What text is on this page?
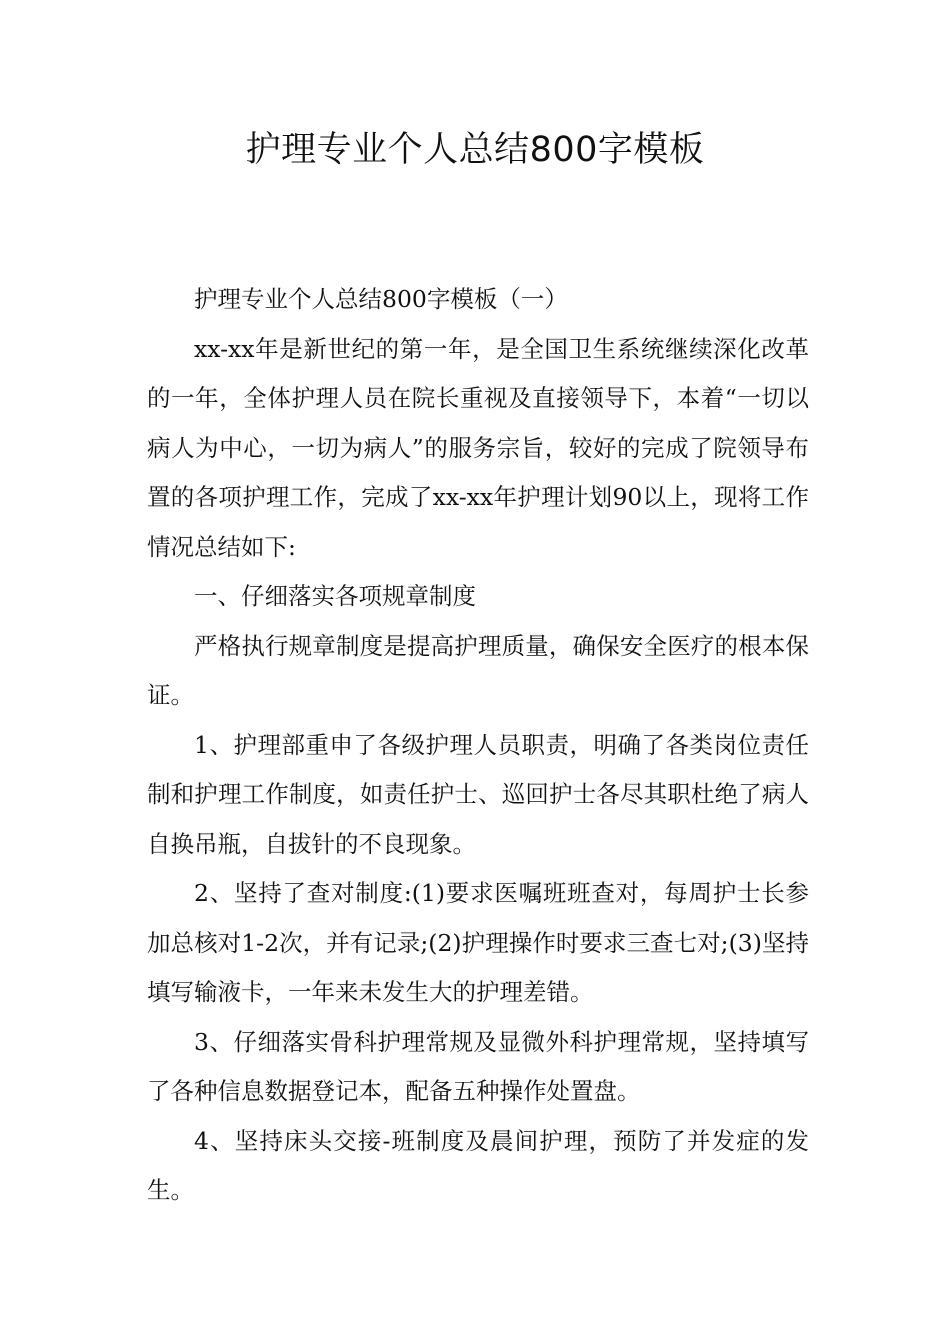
护理专业个人总结800字模板

护理专业个人总结800字模板（一）

xx-xx年是新世纪的第一年，是全国卫生系统继续深化改革的一年，全体护理人员在院长重视及直接领导下，本着“一切以病人为中心，一切为病人”的服务宗旨，较好的完成了院领导布置的各项护理工作，完成了xx-xx年护理计划90以上，现将工作情况总结如下:

一、仔细落实各项规章制度

严格执行规章制度是提高护理质量，确保安全医疗的根本保证。

1、护理部重申了各级护理人员职责，明确了各类岗位责任制和护理工作制度，如责任护士、巡回护士各尽其职杜绝了病人自换吊瓶，自拔针的不良现象。

2、坚持了查对制度:(1)要求医嘱班班查对，每周护士长参加总核对1-2次，并有记录;(2)护理操作时要求三查七对;(3)坚持填写输液卡，一年来未发生大的护理差错。

3、仔细落实骨科护理常规及显微外科护理常规，坚持填写了各种信息数据登记本，配备五种操作处置盘。

4、坚持床头交接-班制度及晨间护理，预防了并发症的发生。
